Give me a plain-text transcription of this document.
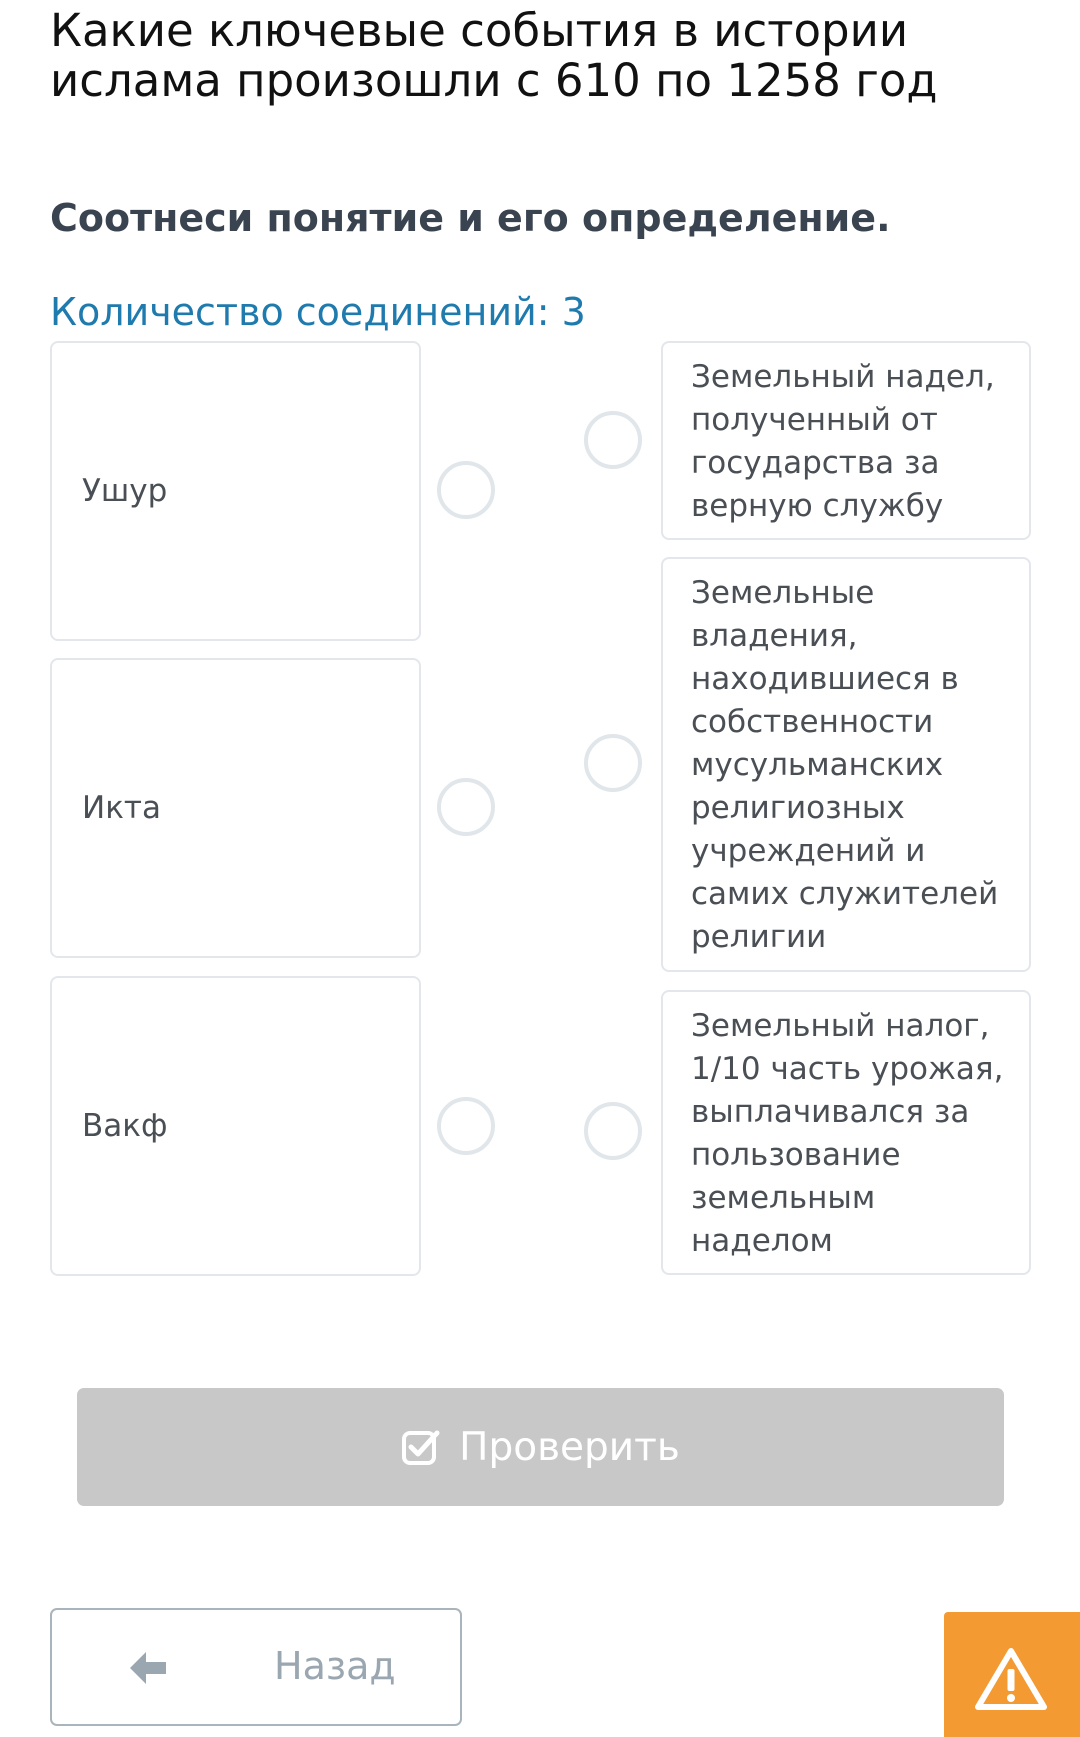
Какие ключевые события в истории ислама произошли с 610 по 1258 год
Соотнеси понятие и его определение.
Количество соединений: 3
Ушур
Икта
Вакф
Земельный надел, полученный от государства за верную службу
Земельные владения, находившиеся в собственности мусульманских религиозных учреждений и самих служителей религии
Земельный налог, 1/10 часть урожая, выплачивался за пользование земельным наделом
Проверить
Назад
